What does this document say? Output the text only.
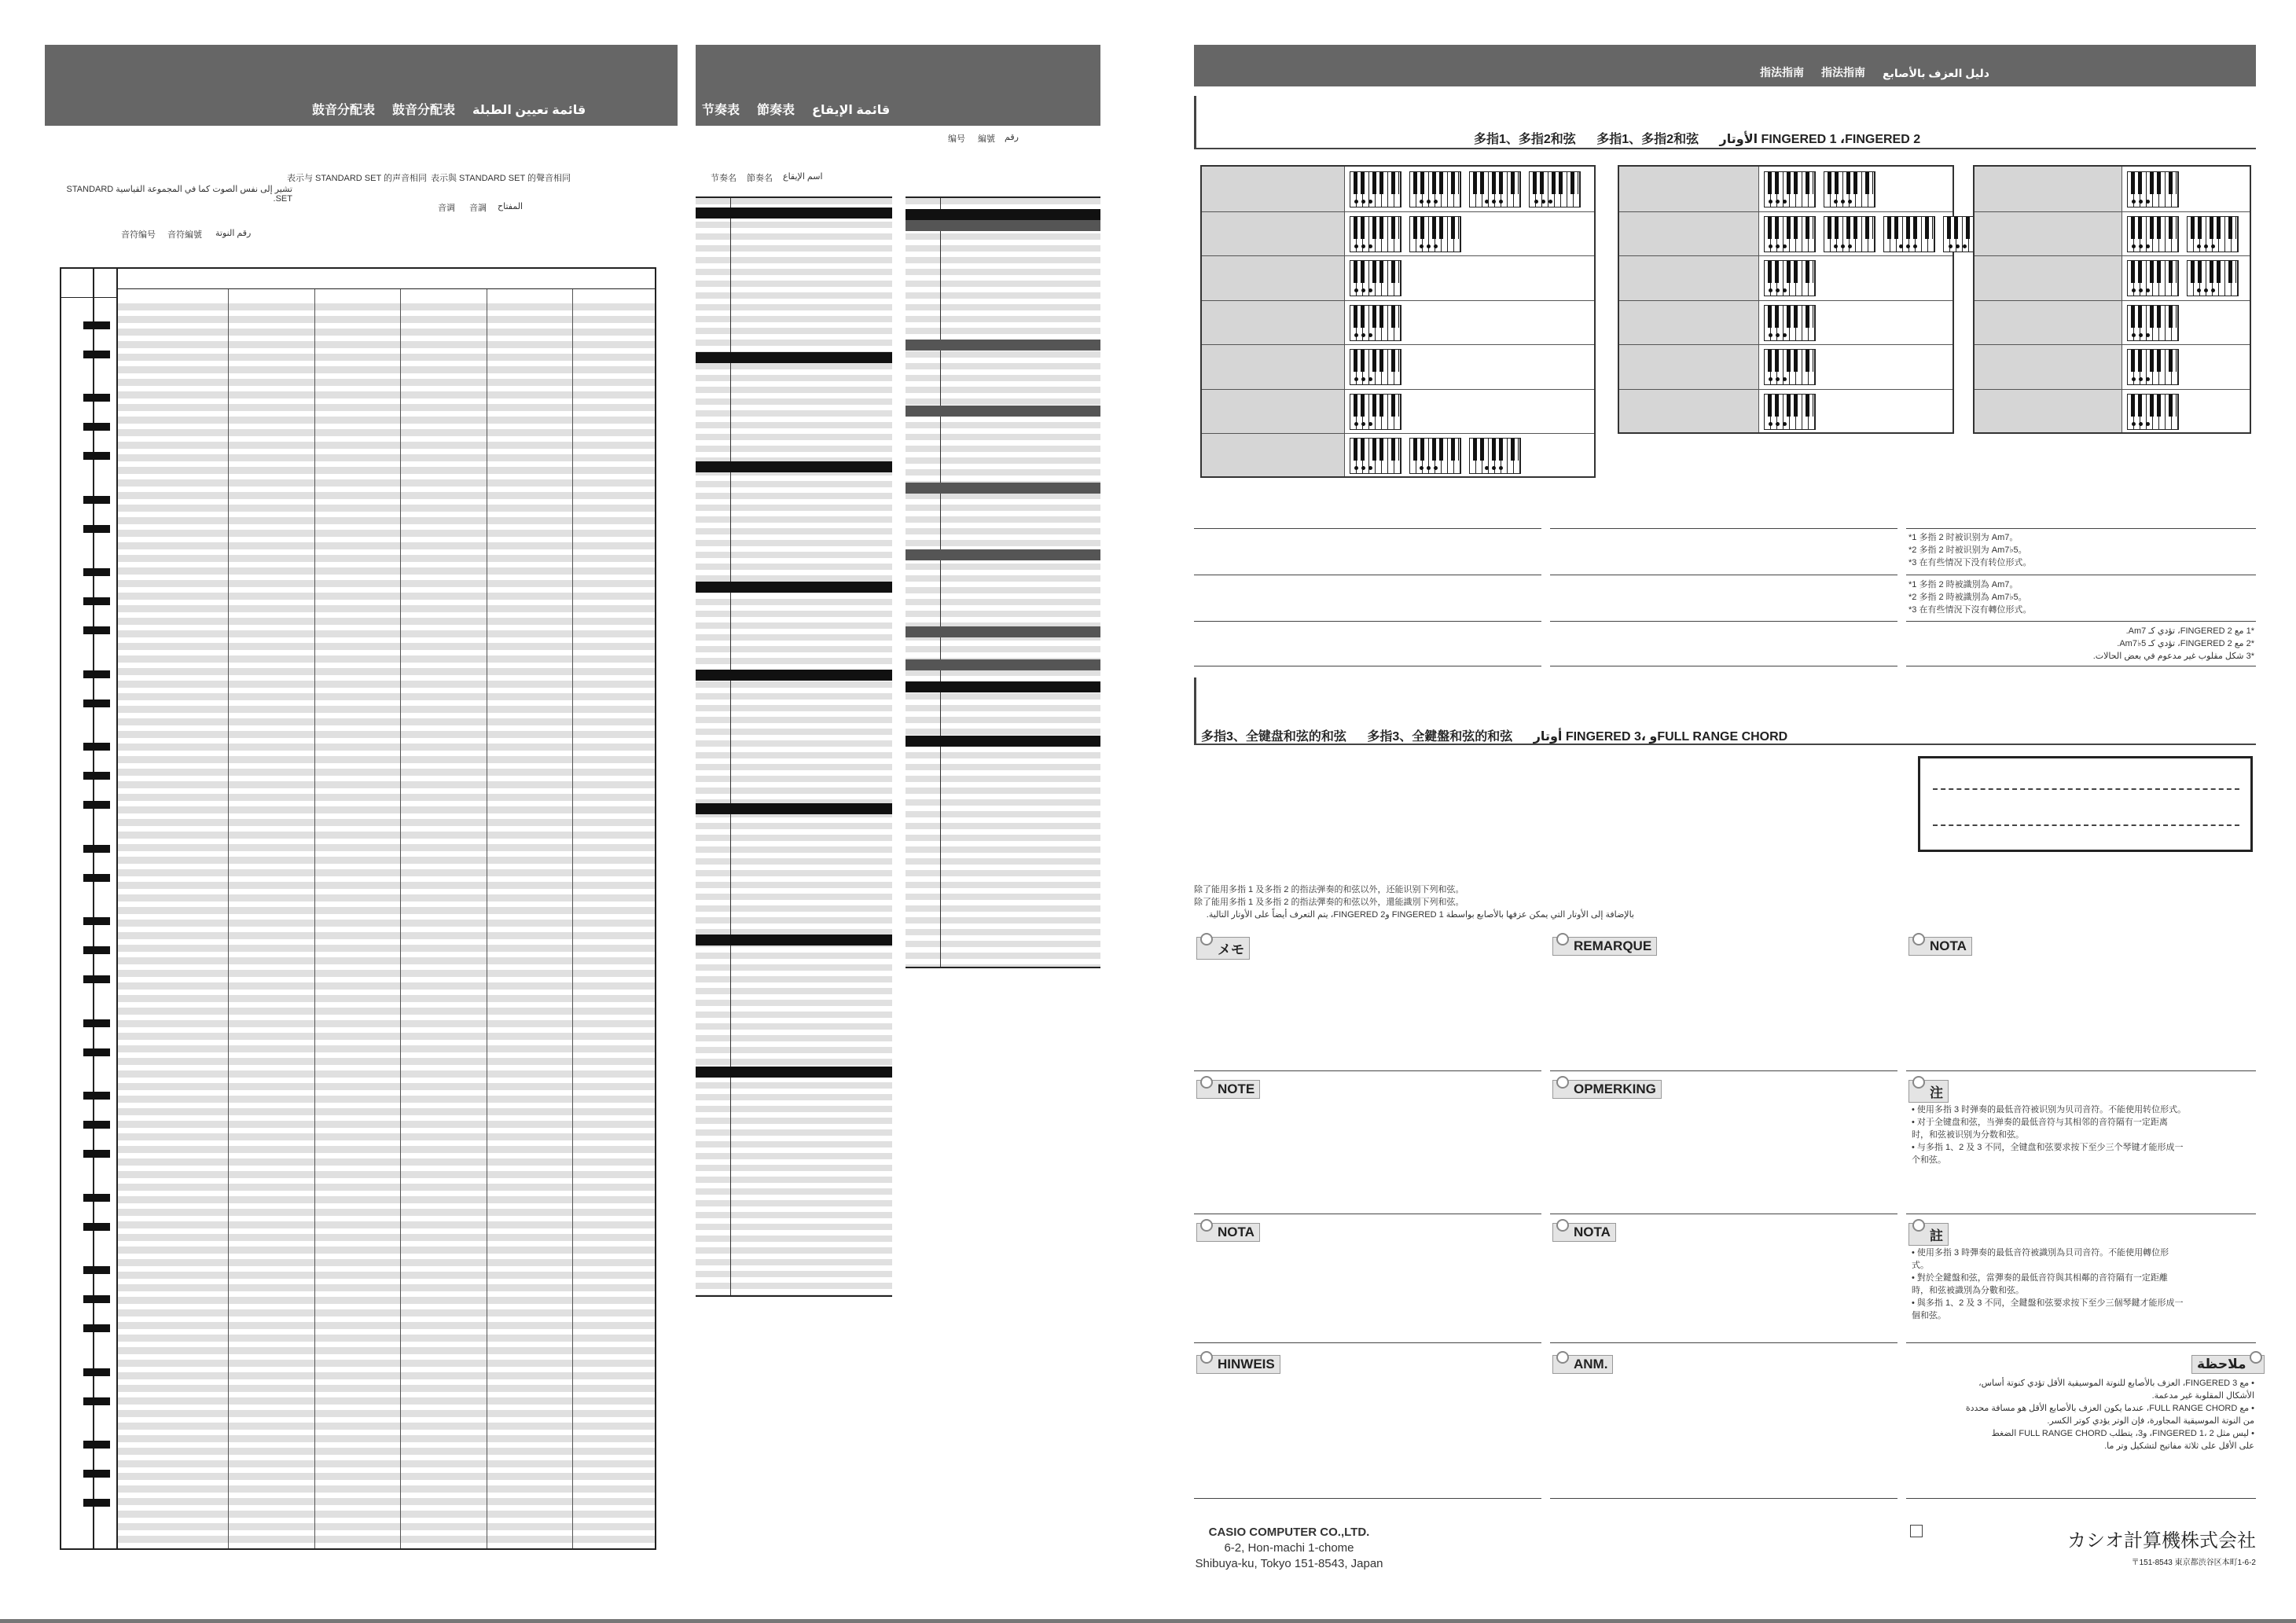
鼓音分配表 鼓音分配表 قائمة تعيين الطبلة
表示与 STANDARD SET 的声音相同 表示與 STANDARD SET 的聲音相同
تشير إلى نفس الصوت كما في المجموعة القياسية STANDARD SET.
音调 音調 المفتاح
音符编号 音符編號 رقم النوتة
节奏表 節奏表 قائمة الإيقاع
编号 編號 رقم
节奏名 節奏名 اسم الإيقاع
指法指南 指法指南 دليل العزف بالأصابع
多指1、多指2和弦 多指1、多指2和弦 الأوتار FINGERED 1 ،FINGERED 2
*1 多指 2 时被识别为 Am7。
*2 多指 2 时被识别为 Am7♭5。
*3 在有些情况下没有转位形式。
*1 多指 2 時被識別為 Am7。
*2 多指 2 時被識別為 Am7♭5。
*3 在有些情況下沒有轉位形式。
*1 مع FINGERED 2، تؤدي كـ Am7.
*2 مع FINGERED 2، تؤدي كـ Am7♭5.
*3 شكل مقلوب غير مدعوم في بعض الحالات.
多指3、全键盘和弦的和弦 多指3、全鍵盤和弦的和弦 أوتار FINGERED 3، وFULL RANGE CHORD
除了能用多指 1 及多指 2 的指法弹奏的和弦以外，还能识别下列和弦。
除了能用多指 1 及多指 2 的指法彈奏的和弦以外，還能識別下列和弦。
بالإضافة إلى الأوتار التي يمكن عزفها بالأصابع بواسطة FINGERED 1 وFINGERED 2، يتم التعرف أيضاً على الأوتار التالية.
メモ	REMARQUE	NOTA
NOTE	OPMERKING	注
• 使用多指 3 时弹奏的最低音符被识别为贝司音符。不能使用转位形式。
• 对于全键盘和弦，当弹奏的最低音符与其相邻的音符隔有一定距离
时，和弦被识别为分数和弦。
• 与多指 1、2 及 3 不同，全键盘和弦要求按下至少三个琴键才能形成一
个和弦。
NOTA	NOTA	註
• 使用多指 3 時彈奏的最低音符被識別為貝司音符。不能使用轉位形
式。
• 對於全鍵盤和弦，當彈奏的最低音符與其相鄰的音符隔有一定距離
時，和弦被識別為分數和弦。
• 與多指 1、2 及 3 不同，全鍵盤和弦要求按下至少三個琴鍵才能形成一
個和弦。
HINWEIS	ANM.	ملاحظة
• مع FINGERED 3، العزف بالأصابع للنوتة الموسيقية الأقل تؤدي كنوتة أساس،
الأشكال المقلوبة غير مدعمة.
• مع FULL RANGE CHORD، عندما يكون العزف بالأصابع الأقل هو مسافة محددة
من النوتة الموسيقية المجاورة، فإن الوتر يؤدي كوتر الكسر.
• ليس مثل FINGERED 1، 2، و3، يتطلب FULL RANGE CHORD الضغط
على الأقل على ثلاثة مفاتيح لتشكيل وتر ما.
CASIO COMPUTER CO.,LTD.
6-2, Hon-machi 1-chome
Shibuya-ku, Tokyo 151-8543, Japan
カシオ計算機株式会社
〒151-8543 東京都渋谷区本町1-6-2
